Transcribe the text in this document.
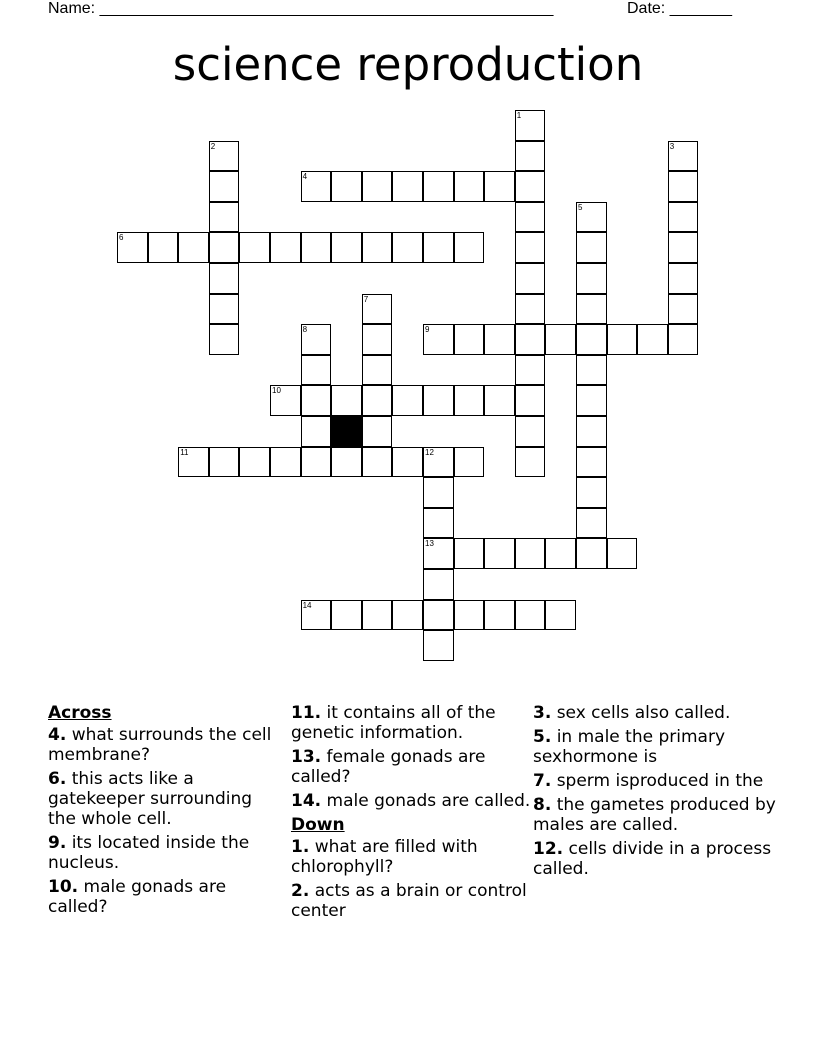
Name: ___________________________________________________	Date: _______
science reproduction
4
6
9
10
11	12
13
14
1
2	3
5
7
8
Across
4. what surrounds the cell membrane?
6. this acts like a gatekeeper surrounding the whole cell.
9. its located inside the nucleus.
10. male gonads are called?
11. it contains all of the genetic information.
13. female gonads are called?
14. male gonads are called.
Down
1. what are filled with chlorophyll?
2. acts as a brain or control center
3. sex cells also called.
5. in male the primary sexhormone is
7. sperm isproduced in the
8. the gametes produced by males are called.
12. cells divide in a process called.
